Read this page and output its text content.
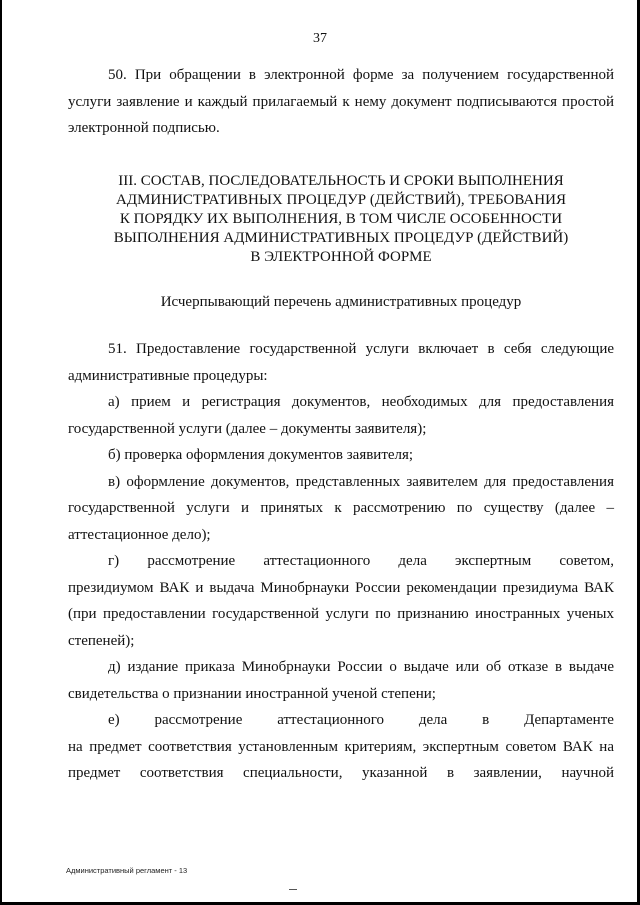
37

50. При обращении в электронной форме за получением государственной услуги заявление и каждый прилагаемый к нему документ подписываются простой электронной подписью.

III. СОСТАВ, ПОСЛЕДОВАТЕЛЬНОСТЬ И СРОКИ ВЫПОЛНЕНИЯ
АДМИНИСТРАТИВНЫХ ПРОЦЕДУР (ДЕЙСТВИЙ), ТРЕБОВАНИЯ
К ПОРЯДКУ ИХ ВЫПОЛНЕНИЯ, В ТОМ ЧИСЛЕ ОСОБЕННОСТИ
ВЫПОЛНЕНИЯ АДМИНИСТРАТИВНЫХ ПРОЦЕДУР (ДЕЙСТВИЙ)
В ЭЛЕКТРОННОЙ ФОРМЕ
Исчерпывающий перечень административных процедур

51. Предоставление государственной услуги включает в себя следующие административные процедуры:

а) прием и регистрация документов, необходимых для предоставления государственной услуги (далее – документы заявителя);

б) проверка оформления документов заявителя;

в) оформление документов, представленных заявителем для предоставления государственной услуги и принятых к рассмотрению по существу (далее – аттестационное дело);

г) рассмотрение аттестационного дела экспертным советом,

президиумом ВАК и выдача Минобрнауки России рекомендации президиума ВАК (при предоставлении государственной услуги по признанию иностранных ученых степеней);

д) издание приказа Минобрнауки России о выдаче или об отказе в выдаче свидетельства о признании иностранной ученой степени;

е) рассмотрение аттестационного дела в Департаменте

на предмет соответствия установленным критериям, экспертным советом ВАК на предмет соответствия специальности, указанной в заявлении, научной

Административный регламент - 13
